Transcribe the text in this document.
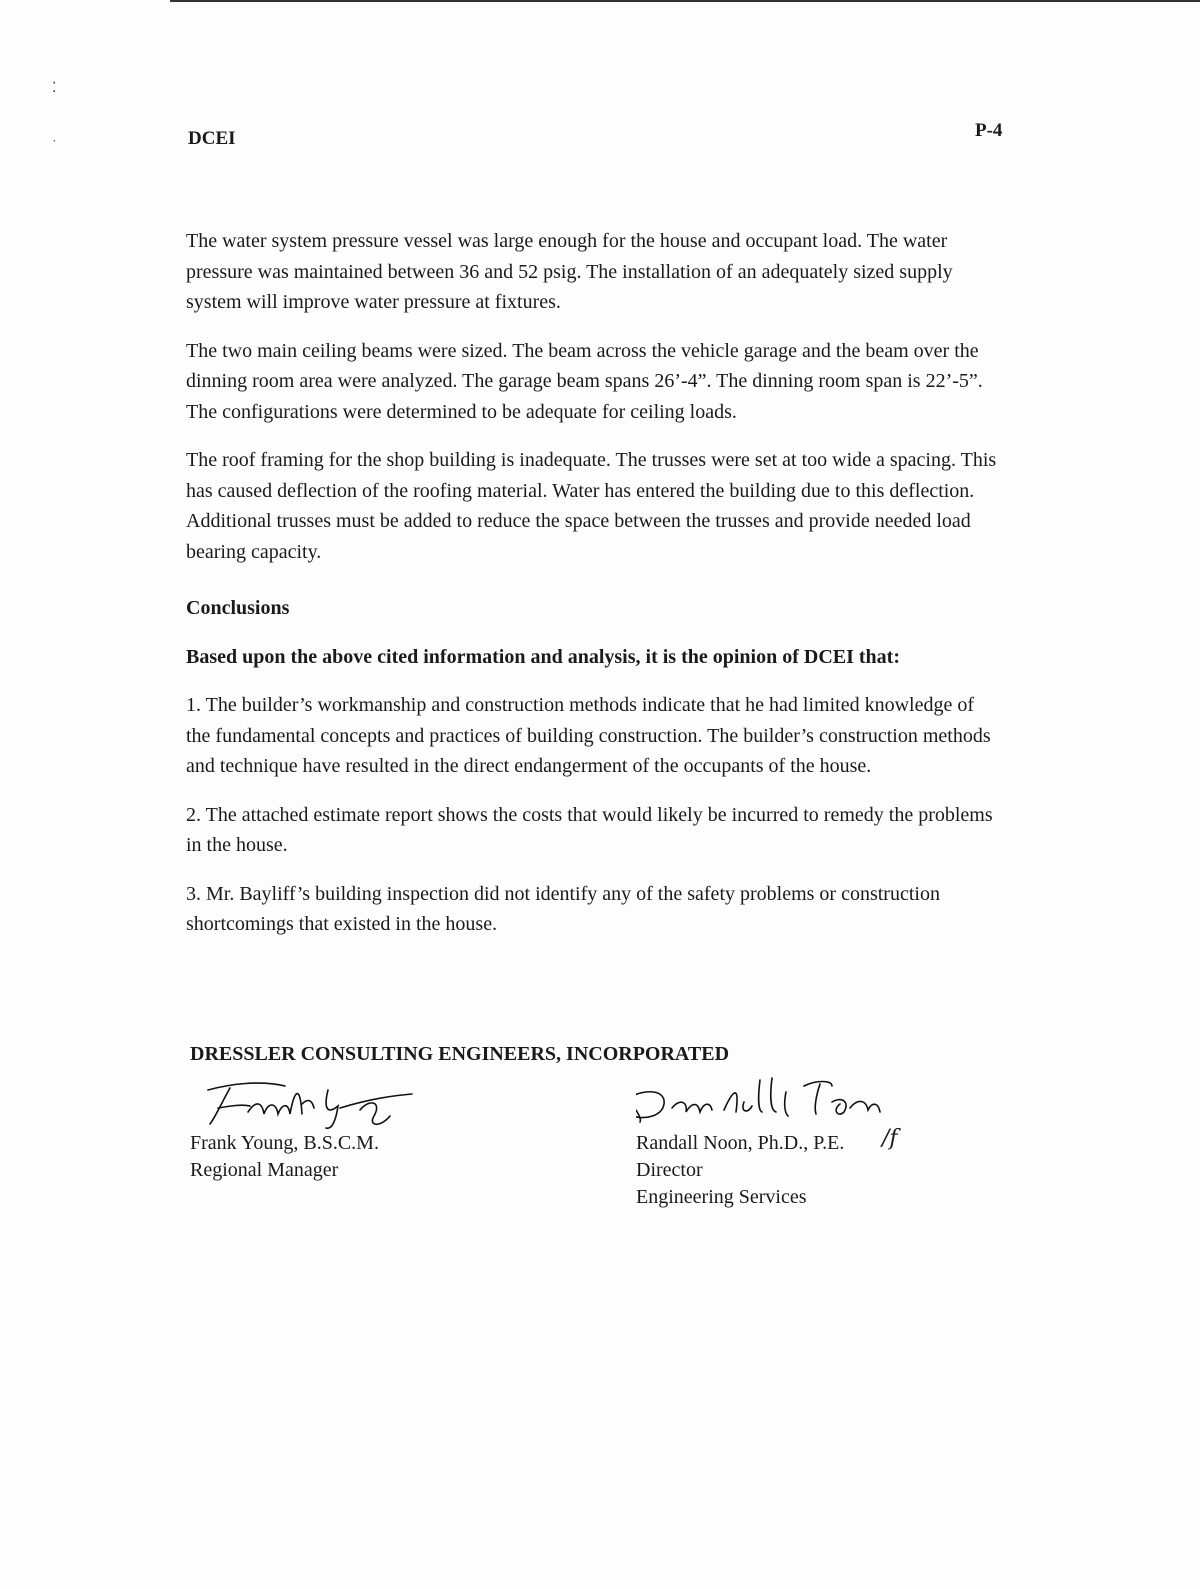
⁚
˙	DCEI	P-4

The water system pressure vessel was large enough for the house and occupant load. The water pressure was maintained between 36 and 52 psig. The installation of an adequately sized supply system will improve water pressure at fixtures.

The two main ceiling beams were sized. The beam across the vehicle garage and the beam over the dinning room area were analyzed. The garage beam spans 26’-4”. The dinning room span is 22’-5”. The configurations were determined to be adequate for ceiling loads.

The roof framing for the shop building is inadequate. The trusses were set at too wide a spacing. This has caused deflection of the roofing material. Water has entered the building due to this deflection. Additional trusses must be added to reduce the space between the trusses and provide needed load bearing capacity.

Conclusions
Based upon the above cited information and analysis, it is the opinion of DCEI that:

1. The builder’s workmanship and construction methods indicate that he had limited knowledge of the fundamental concepts and practices of building construction. The builder’s construction methods and technique have resulted in the direct endangerment of the occupants of the house.

2. The attached estimate report shows the costs that would likely be incurred to remedy the problems in the house.

3. Mr. Bayliff’s building inspection did not identify any of the safety problems or construction shortcomings that existed in the house.

DRESSLER CONSULTING ENGINEERS, INCORPORATED
Frank Young, B.S.C.M.
Regional Manager
Randall Noon, Ph.D., P.E.
Director
Engineering Services
/f
